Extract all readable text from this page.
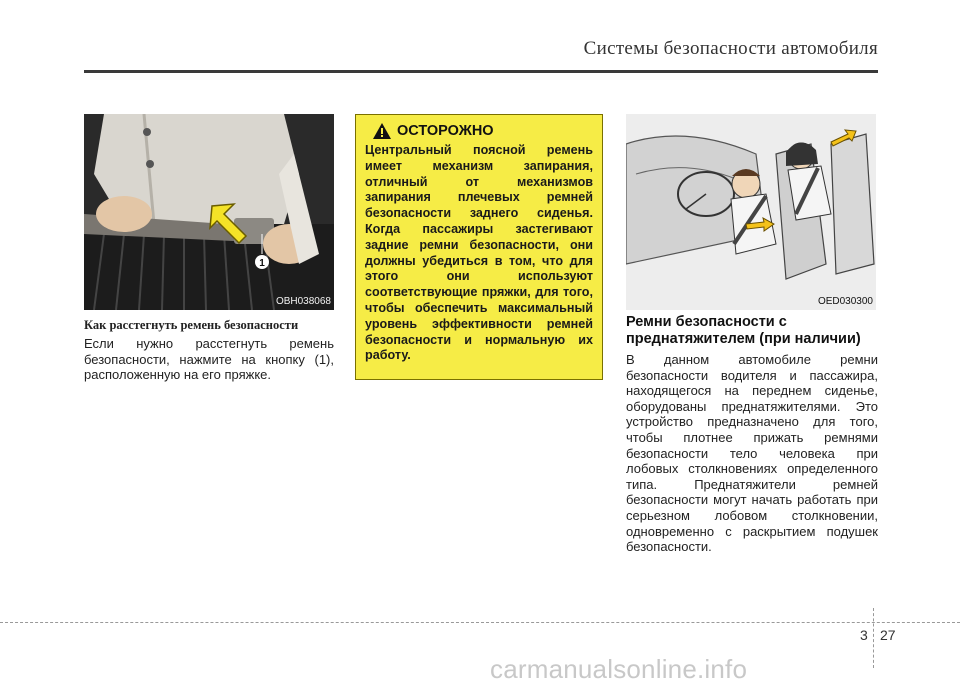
Системы безопасности автомобиля
1
OBH038068
Как расстегнуть ремень безопасности
Если нужно расстегнуть ремень безопасности, нажмите на кнопку (1), расположенную на его пряжке.
ОСТОРОЖНО
Центральный поясной ремень имеет механизм запирания, отличный от механизмов запирания плечевых ремней безопасности заднего сиденья. Когда пассажиры застегивают задние ремни безопасности, они должны убедиться в том, что для этого они используют соответствующие пряжки, для того, чтобы обеспечить максимальный уровень эффективности ремней безопасности и нормальную их работу.
OED030300
Ремни безопасности с преднатяжителем (при наличии)
В данном автомобиле ремни безопасности водителя и пассажира, находящегося на переднем сиденье, оборудованы преднатяжителями. Это устройство предназначено для того, чтобы плотнее прижать ремнями безопасности тело человека при лобовых столкновениях определенного типа. Преднатяжители ремней безопасности могут начать работать при серьезном лобовом столкновении, одновременно с раскрытием подушек безопасности.
3 27
carmanualsonline.info
